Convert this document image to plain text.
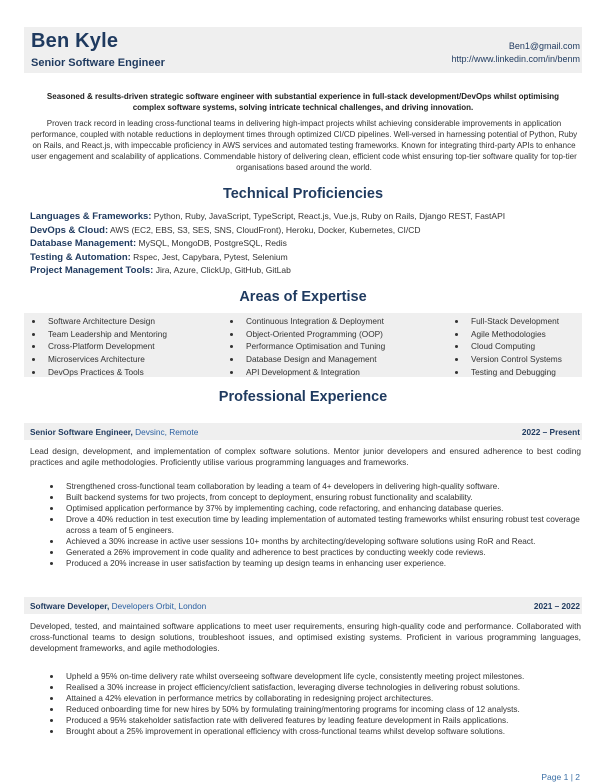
Ben Kyle
Senior Software Engineer
Ben1@gmail.com
http://www.linkedin.com/in/benm
Seasoned & results-driven strategic software engineer with substantial experience in full-stack development/DevOps whilst optimising complex software systems, solving intricate technical challenges, and driving innovation.
Proven track record in leading cross-functional teams in delivering high-impact projects whilst achieving considerable improvements in application performance, coupled with notable reductions in deployment times through optimized CI/CD pipelines. Well-versed in harnessing potential of Python, Ruby on Rails, and React.js, with impeccable proficiency in AWS services and automated testing frameworks. Known for integrating third-party APIs to enhance user engagement and scalability of applications. Commendable history of delivering clean, efficient code whist ensuring top-tier software quality for top-tier organisations based around the world.
Technical Proficiencies
Languages & Frameworks: Python, Ruby, JavaScript, TypeScript, React.js, Vue.js, Ruby on Rails, Django REST, FastAPI
DevOps & Cloud: AWS (EC2, EBS, S3, SES, SNS, CloudFront), Heroku, Docker, Kubernetes, CI/CD
Database Management: MySQL, MongoDB, PostgreSQL, Redis
Testing & Automation: Rspec, Jest, Capybara, Pytest, Selenium
Project Management Tools: Jira, Azure, ClickUp, GitHub, GitLab
Areas of Expertise
Software Architecture Design
Team Leadership and Mentoring
Cross-Platform Development
Microservices Architecture
DevOps Practices & Tools
Continuous Integration & Deployment
Object-Oriented Programming (OOP)
Performance Optimisation and Tuning
Database Design and Management
API Development & Integration
Full-Stack Development
Agile Methodologies
Cloud Computing
Version Control Systems
Testing and Debugging
Professional Experience
Senior Software Engineer, Devsinc, Remote	2022 – Present
Lead design, development, and implementation of complex software solutions. Mentor junior developers and ensured adherence to best coding practices and agile methodologies. Proficiently utilise various programming languages and frameworks.
Strengthened cross-functional team collaboration by leading a team of 4+ developers in delivering high-quality software.
Built backend systems for two projects, from concept to deployment, ensuring robust functionality and scalability.
Optimised application performance by 37% by implementing caching, code refactoring, and enhancing database queries.
Drove a 40% reduction in test execution time by leading implementation of automated testing frameworks whilst ensuring robust test coverage across a team of 5 engineers.
Achieved a 30% increase in active user sessions 10+ months by architecting/developing software solutions using RoR and React.
Generated a 26% improvement in code quality and adherence to best practices by conducting weekly code reviews.
Produced a 20% increase in user satisfaction by teaming up design teams in enhancing user experience.
Software Developer, Developers Orbit, London	2021 – 2022
Developed, tested, and maintained software applications to meet user requirements, ensuring high-quality code and performance. Collaborated with cross-functional teams to design solutions, troubleshoot issues, and optimised existing systems. Proficient in various programming languages, development frameworks, and agile methodologies.
Upheld a 95% on-time delivery rate whilst overseeing software development life cycle, consistently meeting project milestones.
Realised a 30% increase in project efficiency/client satisfaction, leveraging diverse technologies in delivering robust solutions.
Attained a 42% elevation in performance metrics by collaborating in redesigning project architectures.
Reduced onboarding time for new hires by 50% by formulating training/mentoring programs for incoming class of 12 analysts.
Produced a 95% stakeholder satisfaction rate with delivered features by leading feature development in Rails applications.
Brought about a 25% improvement in operational efficiency with cross-functional teams whilst develop software solutions.
Page 1 | 2
